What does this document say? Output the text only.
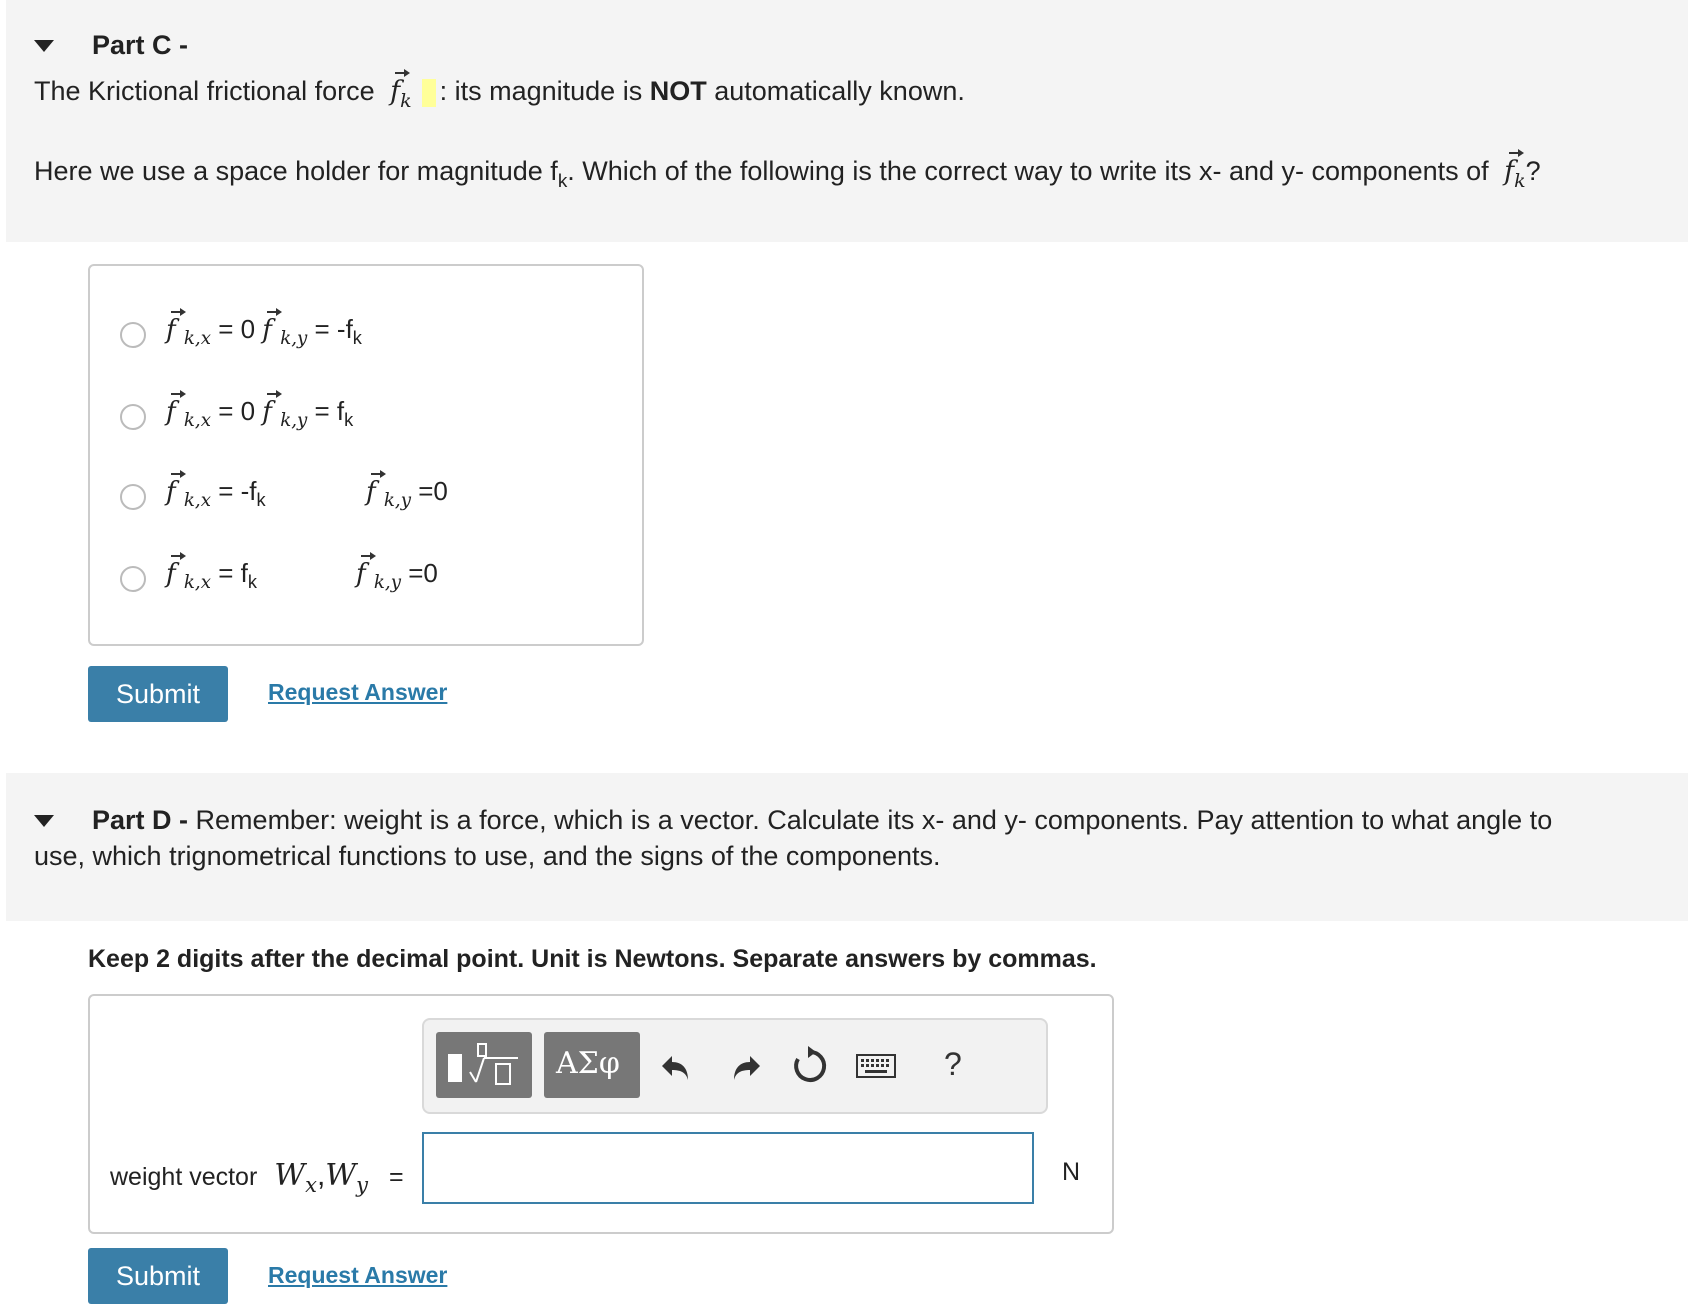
Part C -
The Krictional frictional force $f_k$ : its magnitude is NOT automatically known.
Here we use a space holder for magnitude $f_k$. Which of the following is the correct way to write its x- and y- components of $f_k$?
f $_{k,x}$ = 0 f $_{k,y} = -f_k$
f $_{k,x}$ = 0 f $_{k,y} = f_k$
f $_{k,x} = -f_k$	f $_{k,y}$ =0
f $_{k,x} = f_k$	f $_{k,y}$ =0
Submit	Request Answer
Part D - Remember: weight is a force, which is a vector. Calculate its x- and y- components. Pay attention to what angle to
use, which trignometrical functions to use, and the signs of the components.
Keep 2 digits after the decimal point. Unit is Newtons. Separate answers by commas.
ΑΣφ	?
weight vector $W_x,W_y$ =	N
Submit	Request Answer
